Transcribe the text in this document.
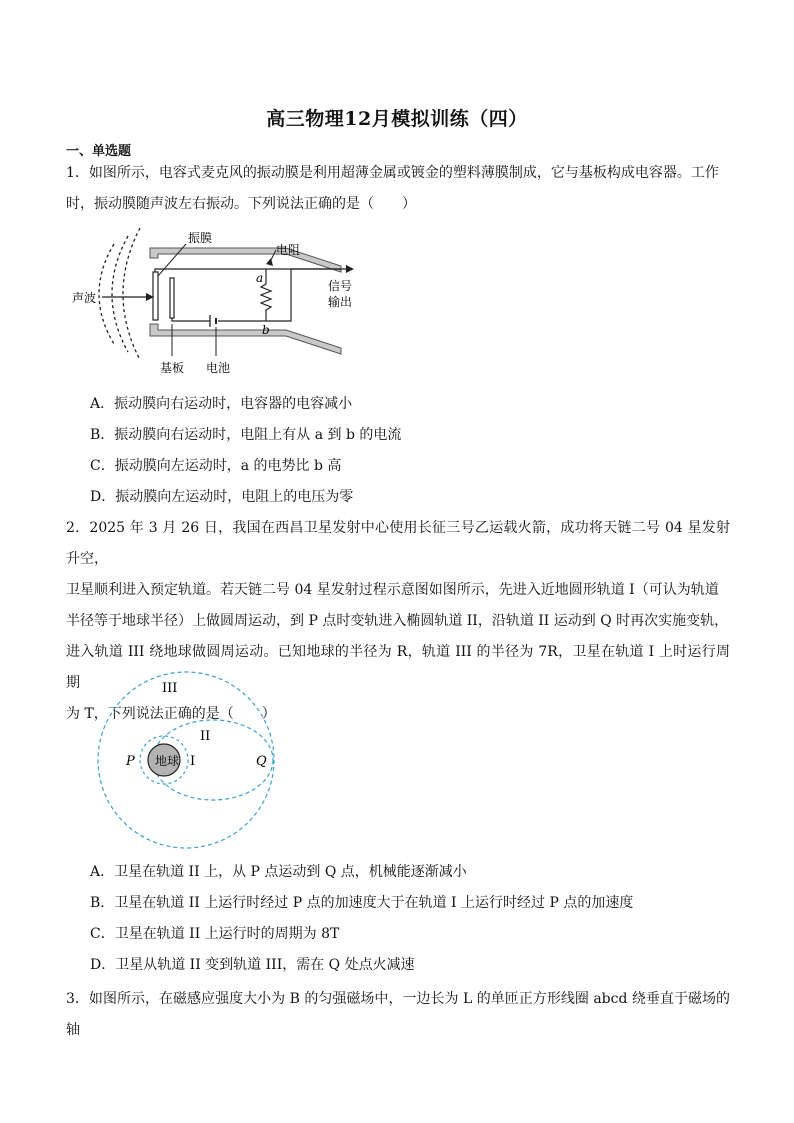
高三物理12月模拟训练（四）
一、单选题
1．如图所示，电容式麦克风的振动膜是利用超薄金属或镀金的塑料薄膜制成，它与基板构成电容器。工作
时，振动膜随声波左右振动。下列说法正确的是（　　）
振膜
电阻
声波
信号
输出
基板 电池
a
b
A．振动膜向右运动时，电容器的电容减小
B．振动膜向右运动时，电阻上有从 a 到 b 的电流
C．振动膜向左运动时，a 的电势比 b 高
D．振动膜向左运动时，电阻上的电压为零
2．2025 年 3 月 26 日，我国在西昌卫星发射中心使用长征三号乙运载火箭，成功将天链二号 04 星发射升空，
卫星顺利进入预定轨道。若天链二号 04 星发射过程示意图如图所示，先进入近地圆形轨道 I（可认为轨道
半径等于地球半径）上做圆周运动，到 P 点时变轨进入椭圆轨道 II，沿轨道 II 运动到 Q 时再次实施变轨，
进入轨道 III 绕地球做圆周运动。已知地球的半径为 R，轨道 III 的半径为 7R，卫星在轨道 I 上时运行周期
为 T，下列说法正确的是（　　）
地球
III
II
I
P	Q
A．卫星在轨道 II 上，从 P 点运动到 Q 点，机械能逐渐减小
B．卫星在轨道 II 上运行时经过 P 点的加速度大于在轨道 I 上运行时经过 P 点的加速度
C．卫星在轨道 II 上运行时的周期为 8T
D．卫星从轨道 II 变到轨道 III，需在 Q 处点火减速
3．如图所示，在磁感应强度大小为 B 的匀强磁场中，一边长为 L 的单匝正方形线圈 abcd 绕垂直于磁场的轴
